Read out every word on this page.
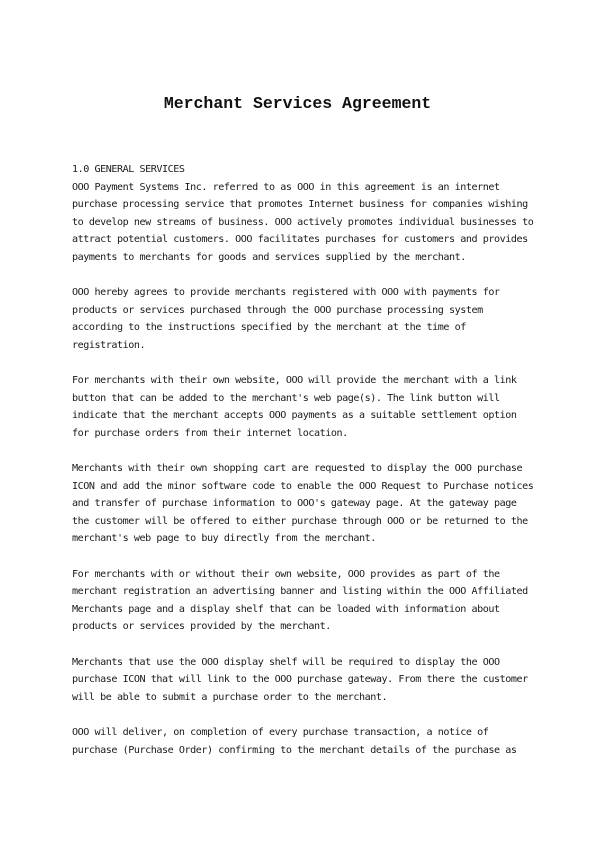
Merchant Services Agreement
1.0 GENERAL SERVICES
OOO Payment Systems Inc. referred to as OOO in this agreement is an internet
purchase processing service that promotes Internet business for companies wishing
to develop new streams of business. OOO actively promotes individual businesses to
attract potential customers. OOO facilitates purchases for customers and provides
payments to merchants for goods and services supplied by the merchant.
OOO hereby agrees to provide merchants registered with OOO with payments for
products or services purchased through the OOO purchase processing system
according to the instructions specified by the merchant at the time of
registration.
For merchants with their own website, OOO will provide the merchant with a link
button that can be added to the merchant's web page(s). The link button will
indicate that the merchant accepts OOO payments as a suitable settlement option
for purchase orders from their internet location.
Merchants with their own shopping cart are requested to display the OOO purchase
ICON and add the minor software code to enable the OOO Request to Purchase notices
and transfer of purchase information to OOO's gateway page. At the gateway page
the customer will be offered to either purchase through OOO or be returned to the
merchant's web page to buy directly from the merchant.
For merchants with or without their own website, OOO provides as part of the
merchant registration an advertising banner and listing within the OOO Affiliated
Merchants page and a display shelf that can be loaded with information about
products or services provided by the merchant.
Merchants that use the OOO display shelf will be required to display the OOO
purchase ICON that will link to the OOO purchase gateway. From there the customer
will be able to submit a purchase order to the merchant.
OOO will deliver, on completion of every purchase transaction, a notice of
purchase (Purchase Order) confirming to the merchant details of the purchase as
